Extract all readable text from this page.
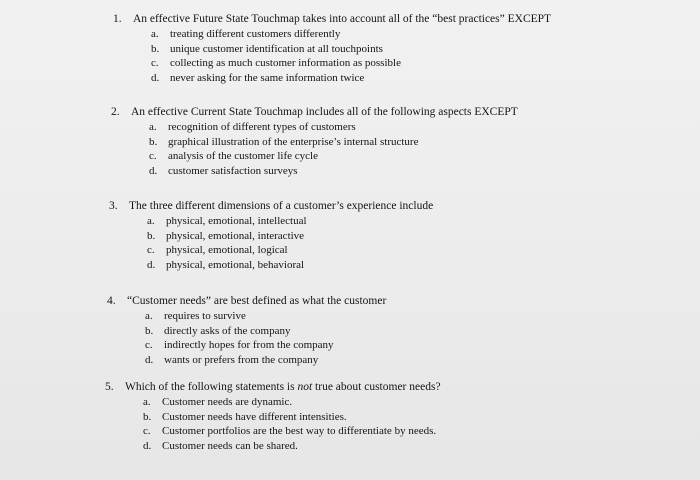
1. An effective Future State Touchmap takes into account all of the “best practices” EXCEPT
a.	treating different customers differently
b. unique customer identification at all touchpoints
c.	collecting as much customer information as possible
d. never asking for the same information twice
2. An effective Current State Touchmap includes all of the following aspects EXCEPT
a.	recognition of different types of customers
b. graphical illustration of the enterprise’s internal structure
c.	analysis of the customer life cycle
d. customer satisfaction surveys
3. The three different dimensions of a customer’s experience include
a.	physical, emotional, intellectual
b. physical, emotional, interactive
c.	physical, emotional, logical
d. physical, emotional, behavioral
4. “Customer needs” are best defined as what the customer
a.	requires to survive
b. directly asks of the company
c.	indirectly hopes for from the company
d. wants or prefers from the company
5. Which of the following statements is not true about customer needs?
a.	Customer needs are dynamic.
b. Customer needs have different intensities.
c.	Customer portfolios are the best way to differentiate by needs.
d. Customer needs can be shared.
